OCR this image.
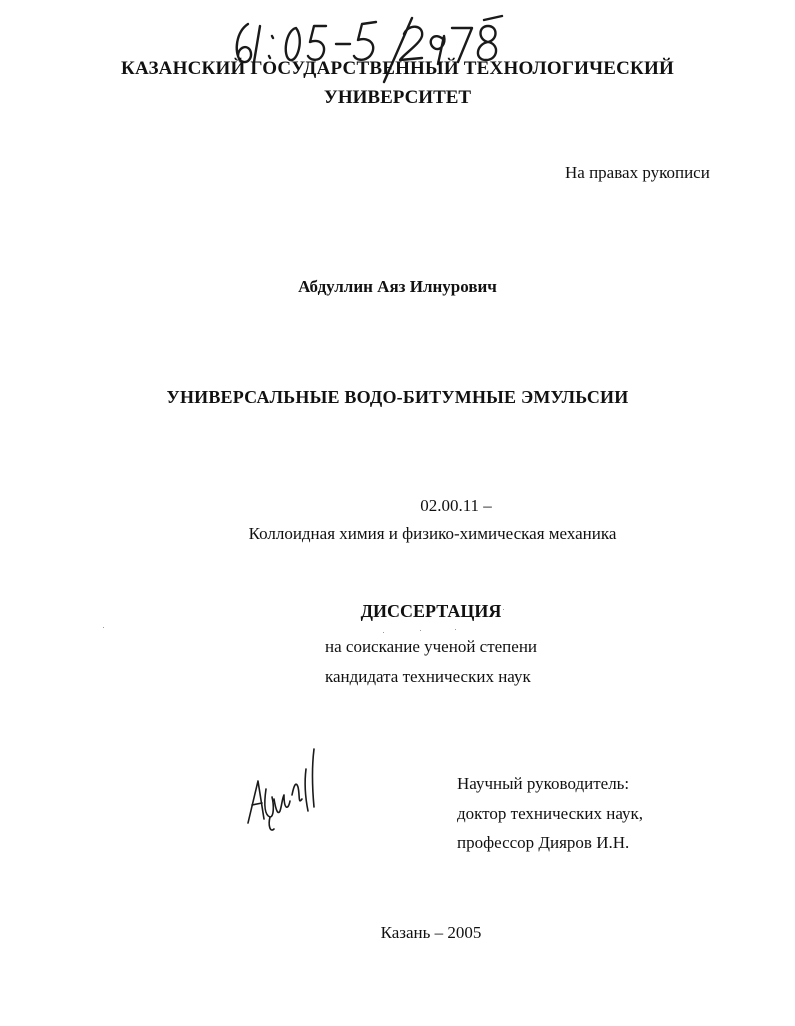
КАЗАНСКИЙ ГОСУДАРСТВЕННЫЙ ТЕХНОЛОГИЧЕСКИЙ
УНИВЕРСИТЕТ
На правах рукописи
Абдуллин Аяз Илнурович
УНИВЕРСАЛЬНЫЕ ВОДО-БИТУМНЫЕ ЭМУЛЬСИИ
02.00.11 –
Коллоидная химия и физико-химическая механика
ДИССЕРТАЦИЯ
на соискание ученой степени
кандидата технических наук
Научный руководитель:
доктор технических наук,
профессор Дияров И.Н.
Казань – 2005
